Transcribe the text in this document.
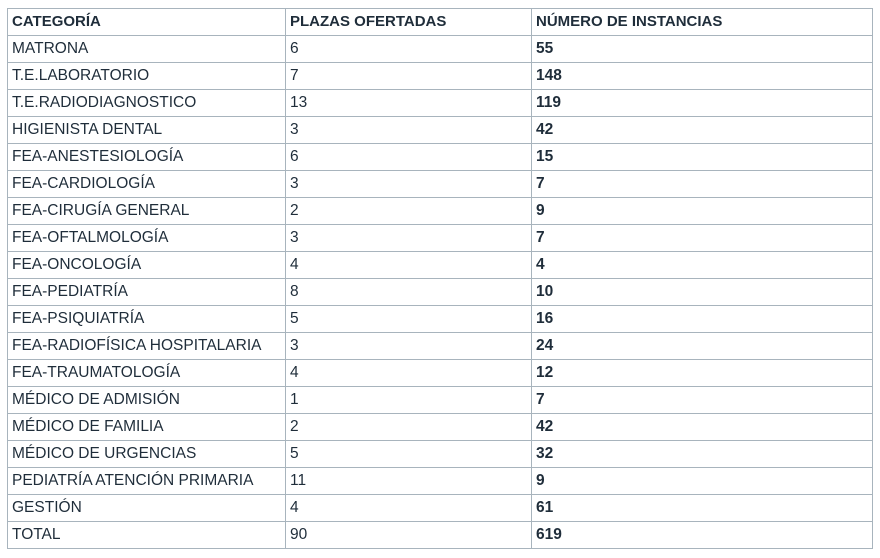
CATEGORÍA	PLAZAS OFERTADAS	NÚMERO DE INSTANCIAS
MATRONA	6	55
T.E.LABORATORIO	7	148
T.E.RADIODIAGNOSTICO	13	119
HIGIENISTA DENTAL	3	42
FEA-ANESTESIOLOGÍA	6	15
FEA-CARDIOLOGÍA	3	7
FEA-CIRUGÍA GENERAL	2	9
FEA-OFTALMOLOGÍA	3	7
FEA-ONCOLOGÍA	4	4
FEA-PEDIATRÍA	8	10
FEA-PSIQUIATRÍA	5	16
FEA-RADIOFÍSICA HOSPITALARIA	3	24
FEA-TRAUMATOLOGÍA	4	12
MÉDICO DE ADMISIÓN	1	7
MÉDICO DE FAMILIA	2	42
MÉDICO DE URGENCIAS	5	32
PEDIATRÍA ATENCIÓN PRIMARIA	11	9
GESTIÓN	4	61
TOTAL	90	619
